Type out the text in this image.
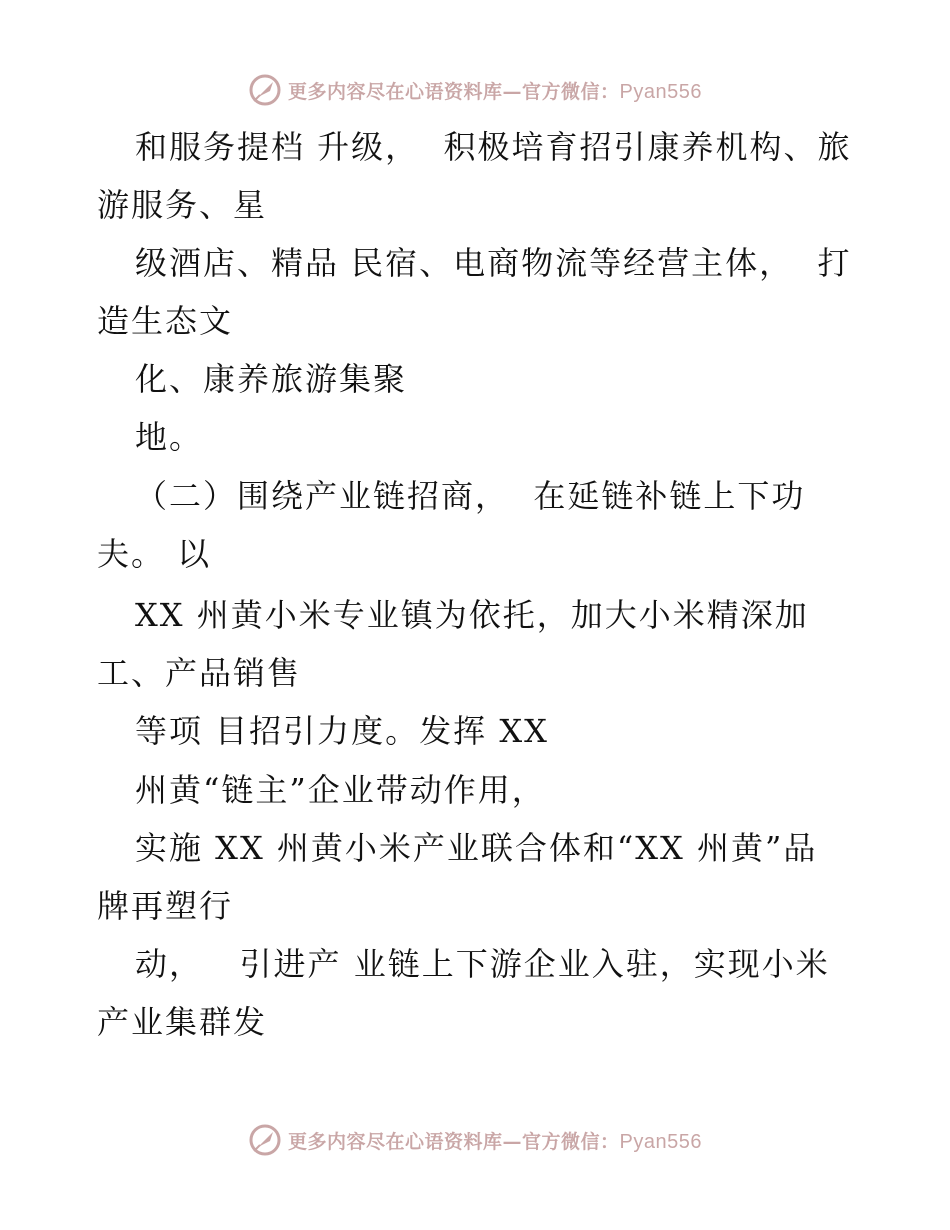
更多内容尽在心语资料库—官方微信：Pyan556
和服务提档 升级，  积极培育招引康养机构、旅
游服务、星
级酒店、精品 民宿、电商物流等经营主体，  打
造生态文
化、康养旅游集聚
地。
（二）围绕产业链招商，  在延链补链上下功
夫。 以
XX 州黄小米专业镇为依托，加大小米精深加
工、产品销售
等项 目招引力度。发挥 XX
州黄“链主”企业带动作用，
实施 XX 州黄小米产业联合体和“XX 州黄”品
牌再塑行
动，   引进产 业链上下游企业入驻，实现小米
产业集群发
更多内容尽在心语资料库—官方微信：Pyan556
